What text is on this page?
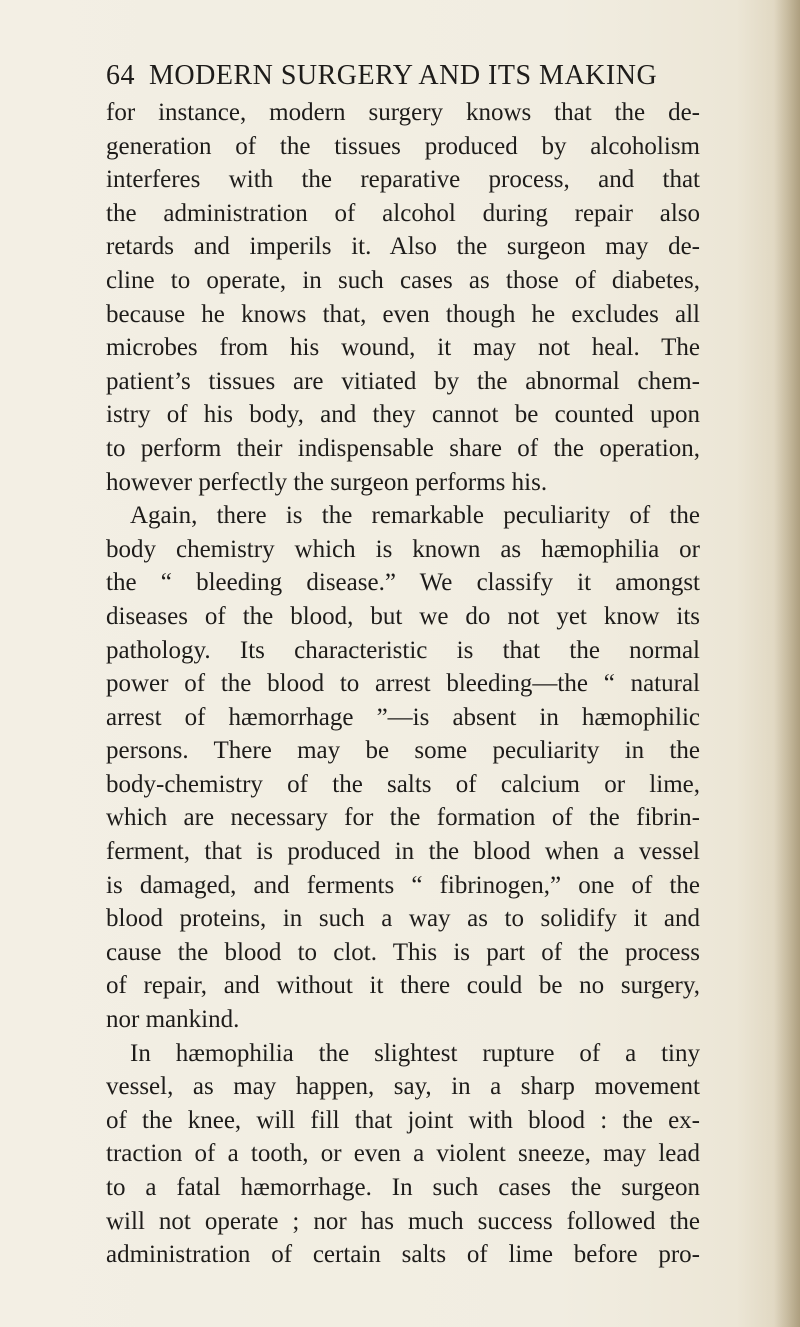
64 MODERN SURGERY AND ITS MAKING
for instance, modern surgery knows that the de-
generation of the tissues produced by alcoholism
interferes with the reparative process, and that
the administration of alcohol during repair also
retards and imperils it. Also the surgeon may de-
cline to operate, in such cases as those of diabetes,
because he knows that, even though he excludes all
microbes from his wound, it may not heal. The
patient’s tissues are vitiated by the abnormal chem-
istry of his body, and they cannot be counted upon
to perform their indispensable share of the operation,
however perfectly the surgeon performs his.
Again, there is the remarkable peculiarity of the
body chemistry which is known as hæmophilia or
the “ bleeding disease.” We classify it amongst
diseases of the blood, but we do not yet know its
pathology. Its characteristic is that the normal
power of the blood to arrest bleeding—the “ natural
arrest of hæmorrhage ”—is absent in hæmophilic
persons. There may be some peculiarity in the
body-chemistry of the salts of calcium or lime,
which are necessary for the formation of the fibrin-
ferment, that is produced in the blood when a vessel
is damaged, and ferments “ fibrinogen,” one of the
blood proteins, in such a way as to solidify it and
cause the blood to clot. This is part of the process
of repair, and without it there could be no surgery,
nor mankind.
In hæmophilia the slightest rupture of a tiny
vessel, as may happen, say, in a sharp movement
of the knee, will fill that joint with blood : the ex-
traction of a tooth, or even a violent sneeze, may lead
to a fatal hæmorrhage. In such cases the surgeon
will not operate ; nor has much success followed the
administration of certain salts of lime before pro-
